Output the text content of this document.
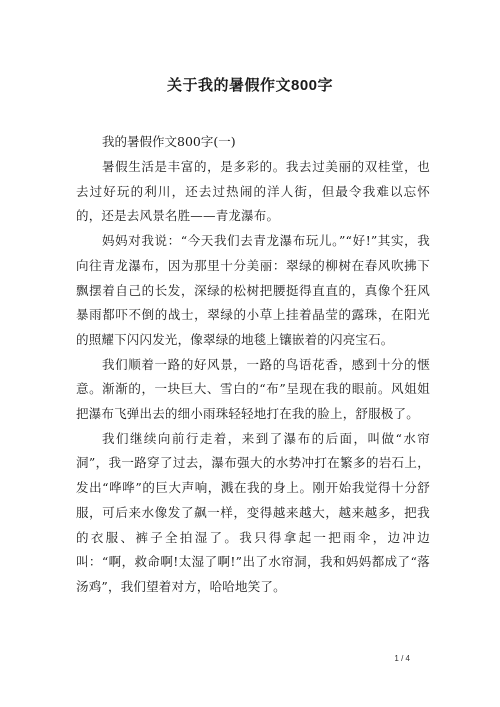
关于我的暑假作文800字

我的暑假作文800字(一)

暑假生活是丰富的，是多彩的。我去过美丽的双桂堂，也去过好玩的利川，还去过热闹的洋人街，但最令我难以忘怀的，还是去风景名胜——青龙瀑布。

妈妈对我说：“今天我们去青龙瀑布玩儿。”“好!”其实，我向往青龙瀑布，因为那里十分美丽：翠绿的柳树在春风吹拂下飘摆着自己的长发，深绿的松树把腰挺得直直的，真像个狂风暴雨都吓不倒的战士，翠绿的小草上挂着晶莹的露珠，在阳光的照耀下闪闪发光，像翠绿的地毯上镶嵌着的闪亮宝石。

我们顺着一路的好风景，一路的鸟语花香，感到十分的惬意。渐渐的，一块巨大、雪白的“布”呈现在我的眼前。风姐姐把瀑布飞弹出去的细小雨珠轻轻地打在我的脸上，舒服极了。

我们继续向前行走着，来到了瀑布的后面，叫做“水帘洞”，我一路穿了过去，瀑布强大的水势冲打在繁多的岩石上，发出“哗哗”的巨大声响，溅在我的身上。刚开始我觉得十分舒服，可后来水像发了飙一样，变得越来越大，越来越多，把我的衣服、裤子全拍湿了。我只得拿起一把雨伞，边冲边叫：“啊，救命啊!太湿了啊!”出了水帘洞，我和妈妈都成了“落汤鸡”，我们望着对方，哈哈地笑了。

1 / 4
